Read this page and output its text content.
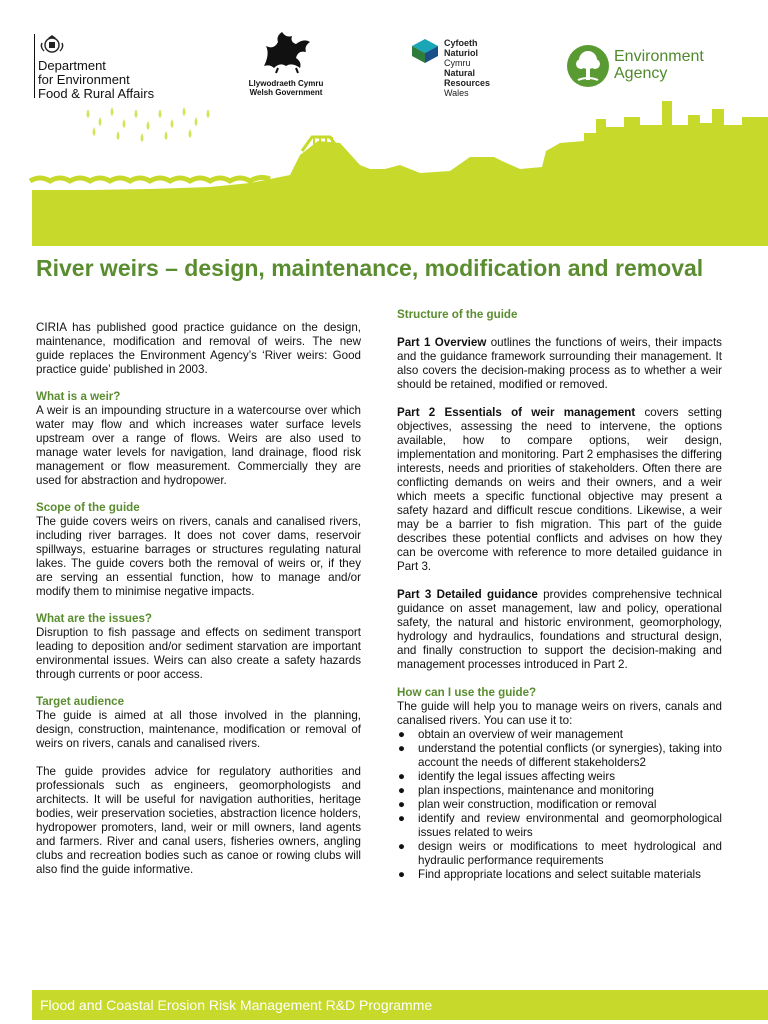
Department
for Environment
Food & Rural Affairs
Llywodraeth Cymru
Welsh Government
Cyfoeth
Naturiol
Cymru
Natural
Resources
Wales
Environment
Agency
River weirs – design, maintenance, modification and removal

CIRIA has published good practice guidance on the design, maintenance, modification and removal of weirs. The new guide replaces the Environment Agency’s ‘River weirs: Good practice guide’ published in 2003.

What is a weir?

A weir is an impounding structure in a watercourse over which water may flow and which increases water surface levels upstream over a range of flows. Weirs are also used to manage water levels for navigation, land drainage, flood risk management or flow measurement. Commercially they are used for abstraction and hydropower.

Scope of the guide

The guide covers weirs on rivers, canals and canalised rivers, including river barrages. It does not cover dams, reservoir spillways, estuarine barrages or structures regulating natural lakes. The guide covers both the removal of weirs or, if they are serving an essential function, how to manage and/or modify them to minimise negative impacts.

What are the issues?

Disruption to fish passage and effects on sediment transport leading to deposition and/or sediment starvation are important environmental issues. Weirs can also create a safety hazards through currents or poor access.

Target audience

The guide is aimed at all those involved in the planning, design, construction, maintenance, modification or removal of weirs on rivers, canals and canalised rivers.

The guide provides advice for regulatory authorities and professionals such as engineers, geomorphologists and architects. It will be useful for navigation authorities, heritage bodies, weir preservation societies, abstraction licence holders, hydropower promoters, land, weir or mill owners, land agents and farmers. River and canal users, fisheries owners, angling clubs and recreation bodies such as canoe or rowing clubs will also find the guide informative.

Structure of the guide

Part 1 Overview outlines the functions of weirs, their impacts and the guidance framework surrounding their management. It also covers the decision-making process as to whether a weir should be retained, modified or removed.

Part 2 Essentials of weir management covers setting objectives, assessing the need to intervene, the options available, how to compare options, weir design, implementation and monitoring. Part 2 emphasises the differing interests, needs and priorities of stakeholders. Often there are conflicting demands on weirs and their owners, and a weir which meets a specific functional objective may present a safety hazard and difficult rescue conditions. Likewise, a weir may be a barrier to fish migration. This part of the guide describes these potential conflicts and advises on how they can be overcome with reference to more detailed guidance in Part 3.

Part 3 Detailed guidance provides comprehensive technical guidance on asset management, law and policy, operational safety, the natural and historic environment, geomorphology, hydrology and hydraulics, foundations and structural design, and finally construction to support the decision-making and management processes introduced in Part 2.

How can I use the guide?

The guide will help you to manage weirs on rivers, canals and canalised rivers. You can use it to:

● obtain an overview of weir management
● understand the potential conflicts (or synergies), taking into account the needs of different stakeholders2
● identify the legal issues affecting weirs
● plan inspections, maintenance and monitoring
● plan weir construction, modification or removal
● identify and review environmental and geomorphological issues related to weirs
● design weirs or modifications to meet hydrological and hydraulic performance requirements
● Find appropriate locations and select suitable materials
Flood and Coastal Erosion Risk Management R&D Programme
